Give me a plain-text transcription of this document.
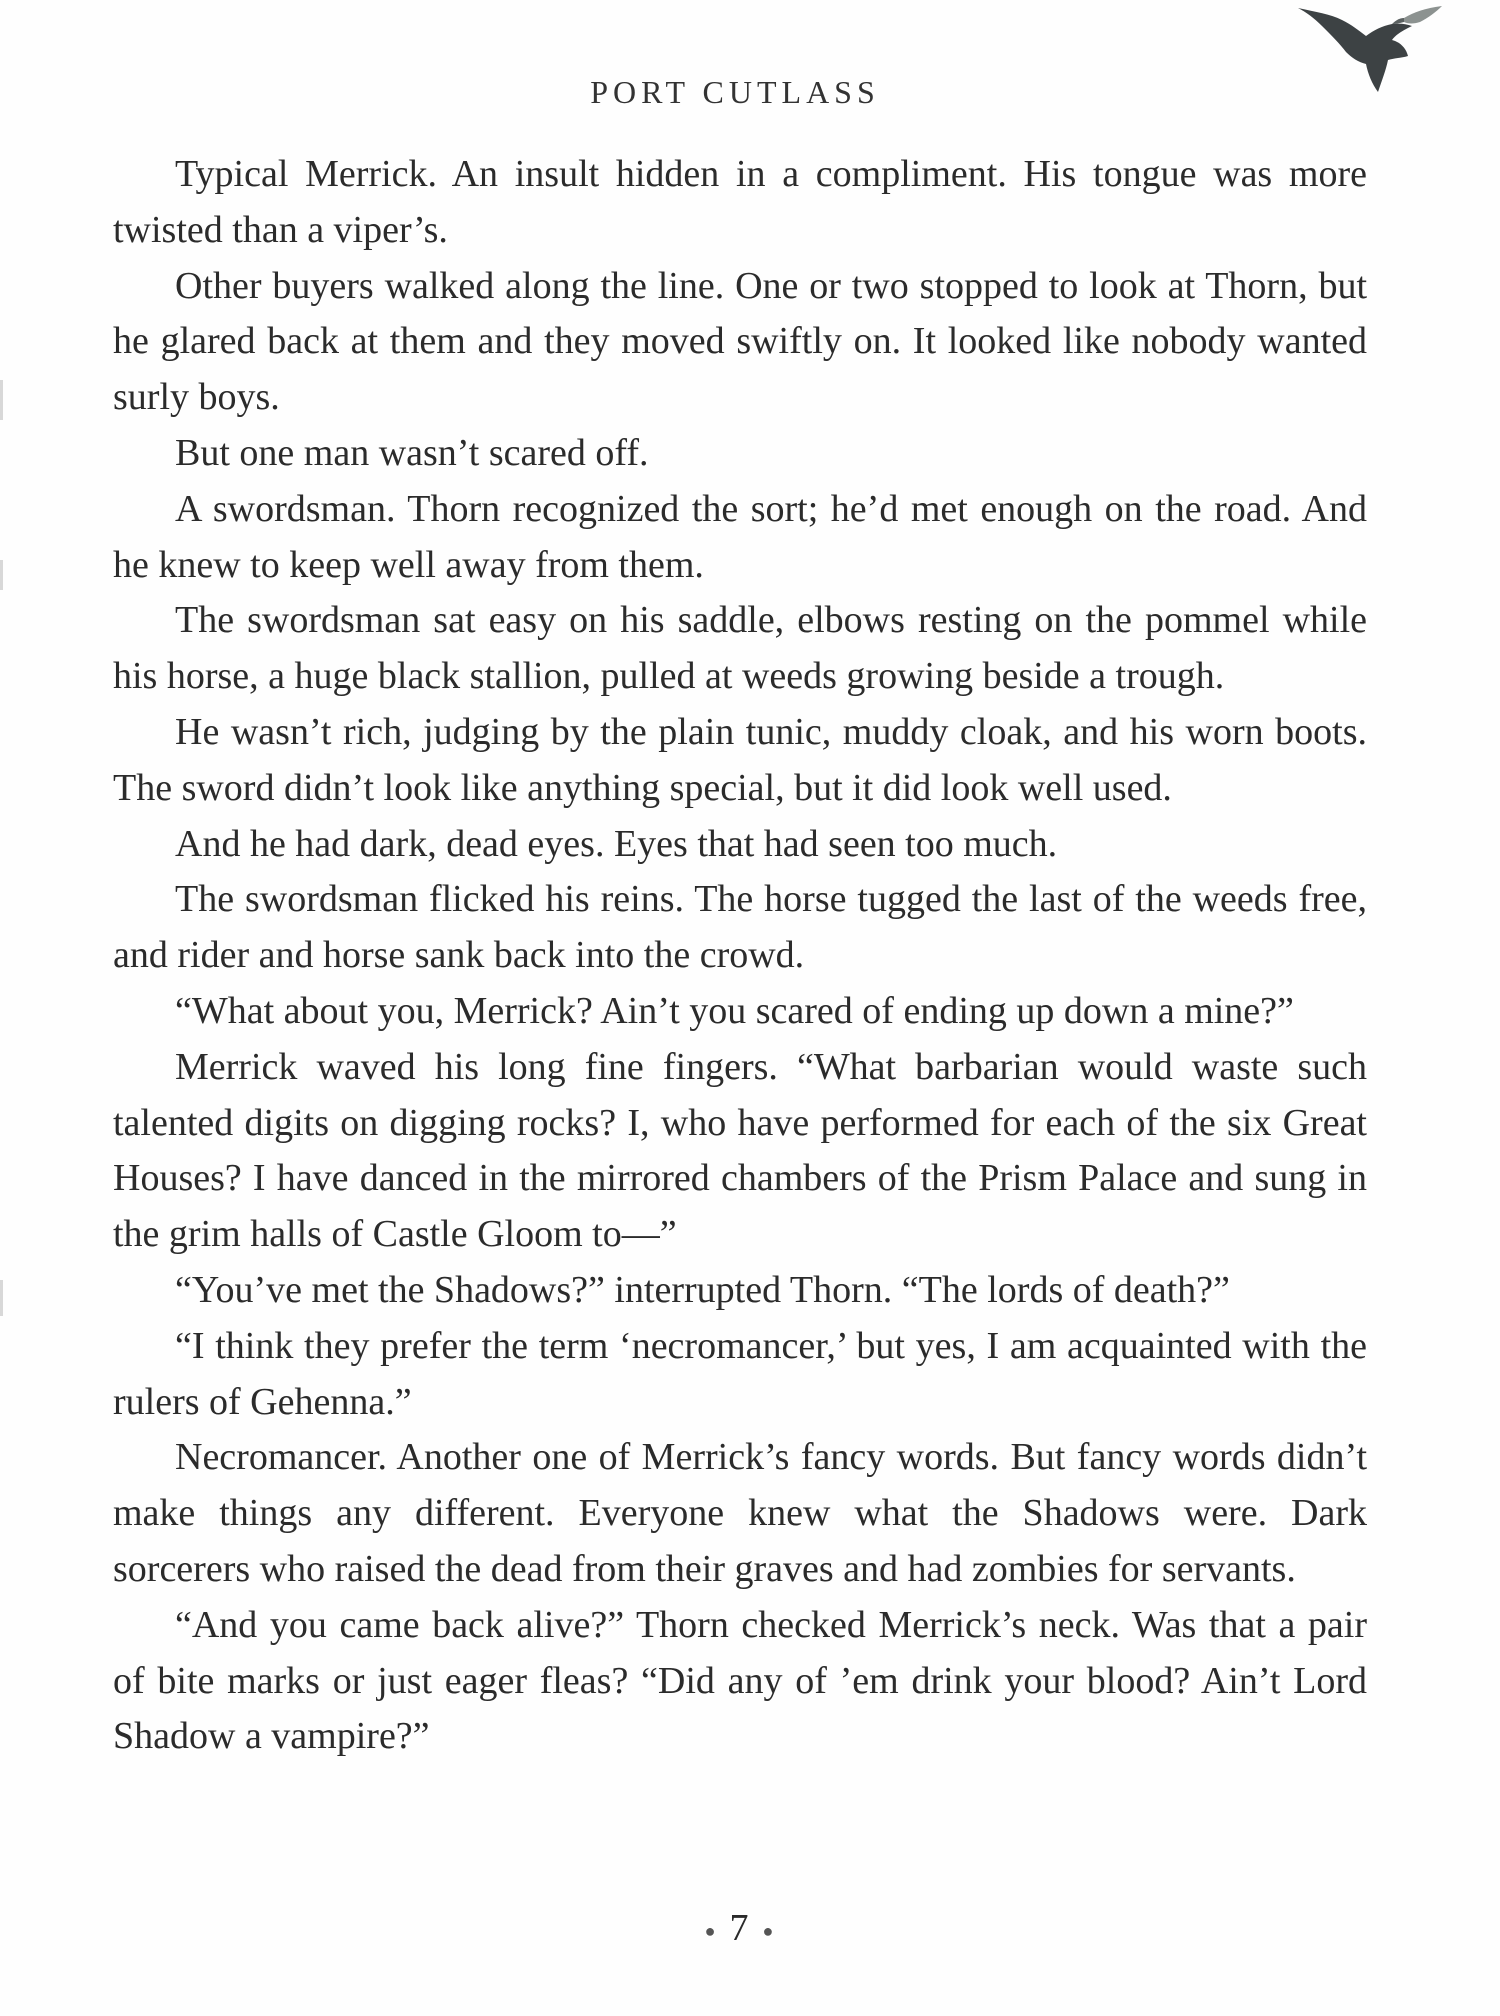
PORT CUTLASS

Typical Merrick. An insult hidden in a compliment. His tongue was more twisted than a viper’s.

Other buyers walked along the line. One or two stopped to look at Thorn, but he glared back at them and they moved swiftly on. It looked like nobody wanted surly boys.

But one man wasn’t scared off.

A swordsman. Thorn recognized the sort; he’d met enough on the road. And he knew to keep well away from them.

The swordsman sat easy on his saddle, elbows resting on the pommel while his horse, a huge black stallion, pulled at weeds growing beside a trough.

He wasn’t rich, judging by the plain tunic, muddy cloak, and his worn boots. The sword didn’t look like anything special, but it did look well used.

And he had dark, dead eyes. Eyes that had seen too much.

The swordsman flicked his reins. The horse tugged the last of the weeds free, and rider and horse sank back into the crowd.

“What about you, Merrick? Ain’t you scared of ending up down a mine?”

Merrick waved his long fine fingers. “What barbarian would waste such talented digits on digging rocks? I, who have performed for each of the six Great Houses? I have danced in the mirrored chambers of the Prism Palace and sung in the grim halls of Castle Gloom to—”

“You’ve met the Shadows?” interrupted Thorn. “The lords of death?”

“I think they prefer the term ‘necromancer,’ but yes, I am acquainted with the rulers of Gehenna.”

Necromancer. Another one of Merrick’s fancy words. But fancy words didn’t make things any different. Everyone knew what the Shadows were. Dark sorcerers who raised the dead from their graves and had zombies for servants.

“And you came back alive?” Thorn checked Merrick’s neck. Was that a pair of bite marks or just eager fleas? “Did any of ’em drink your blood? Ain’t Lord Shadow a vampire?”

● 7 ●
